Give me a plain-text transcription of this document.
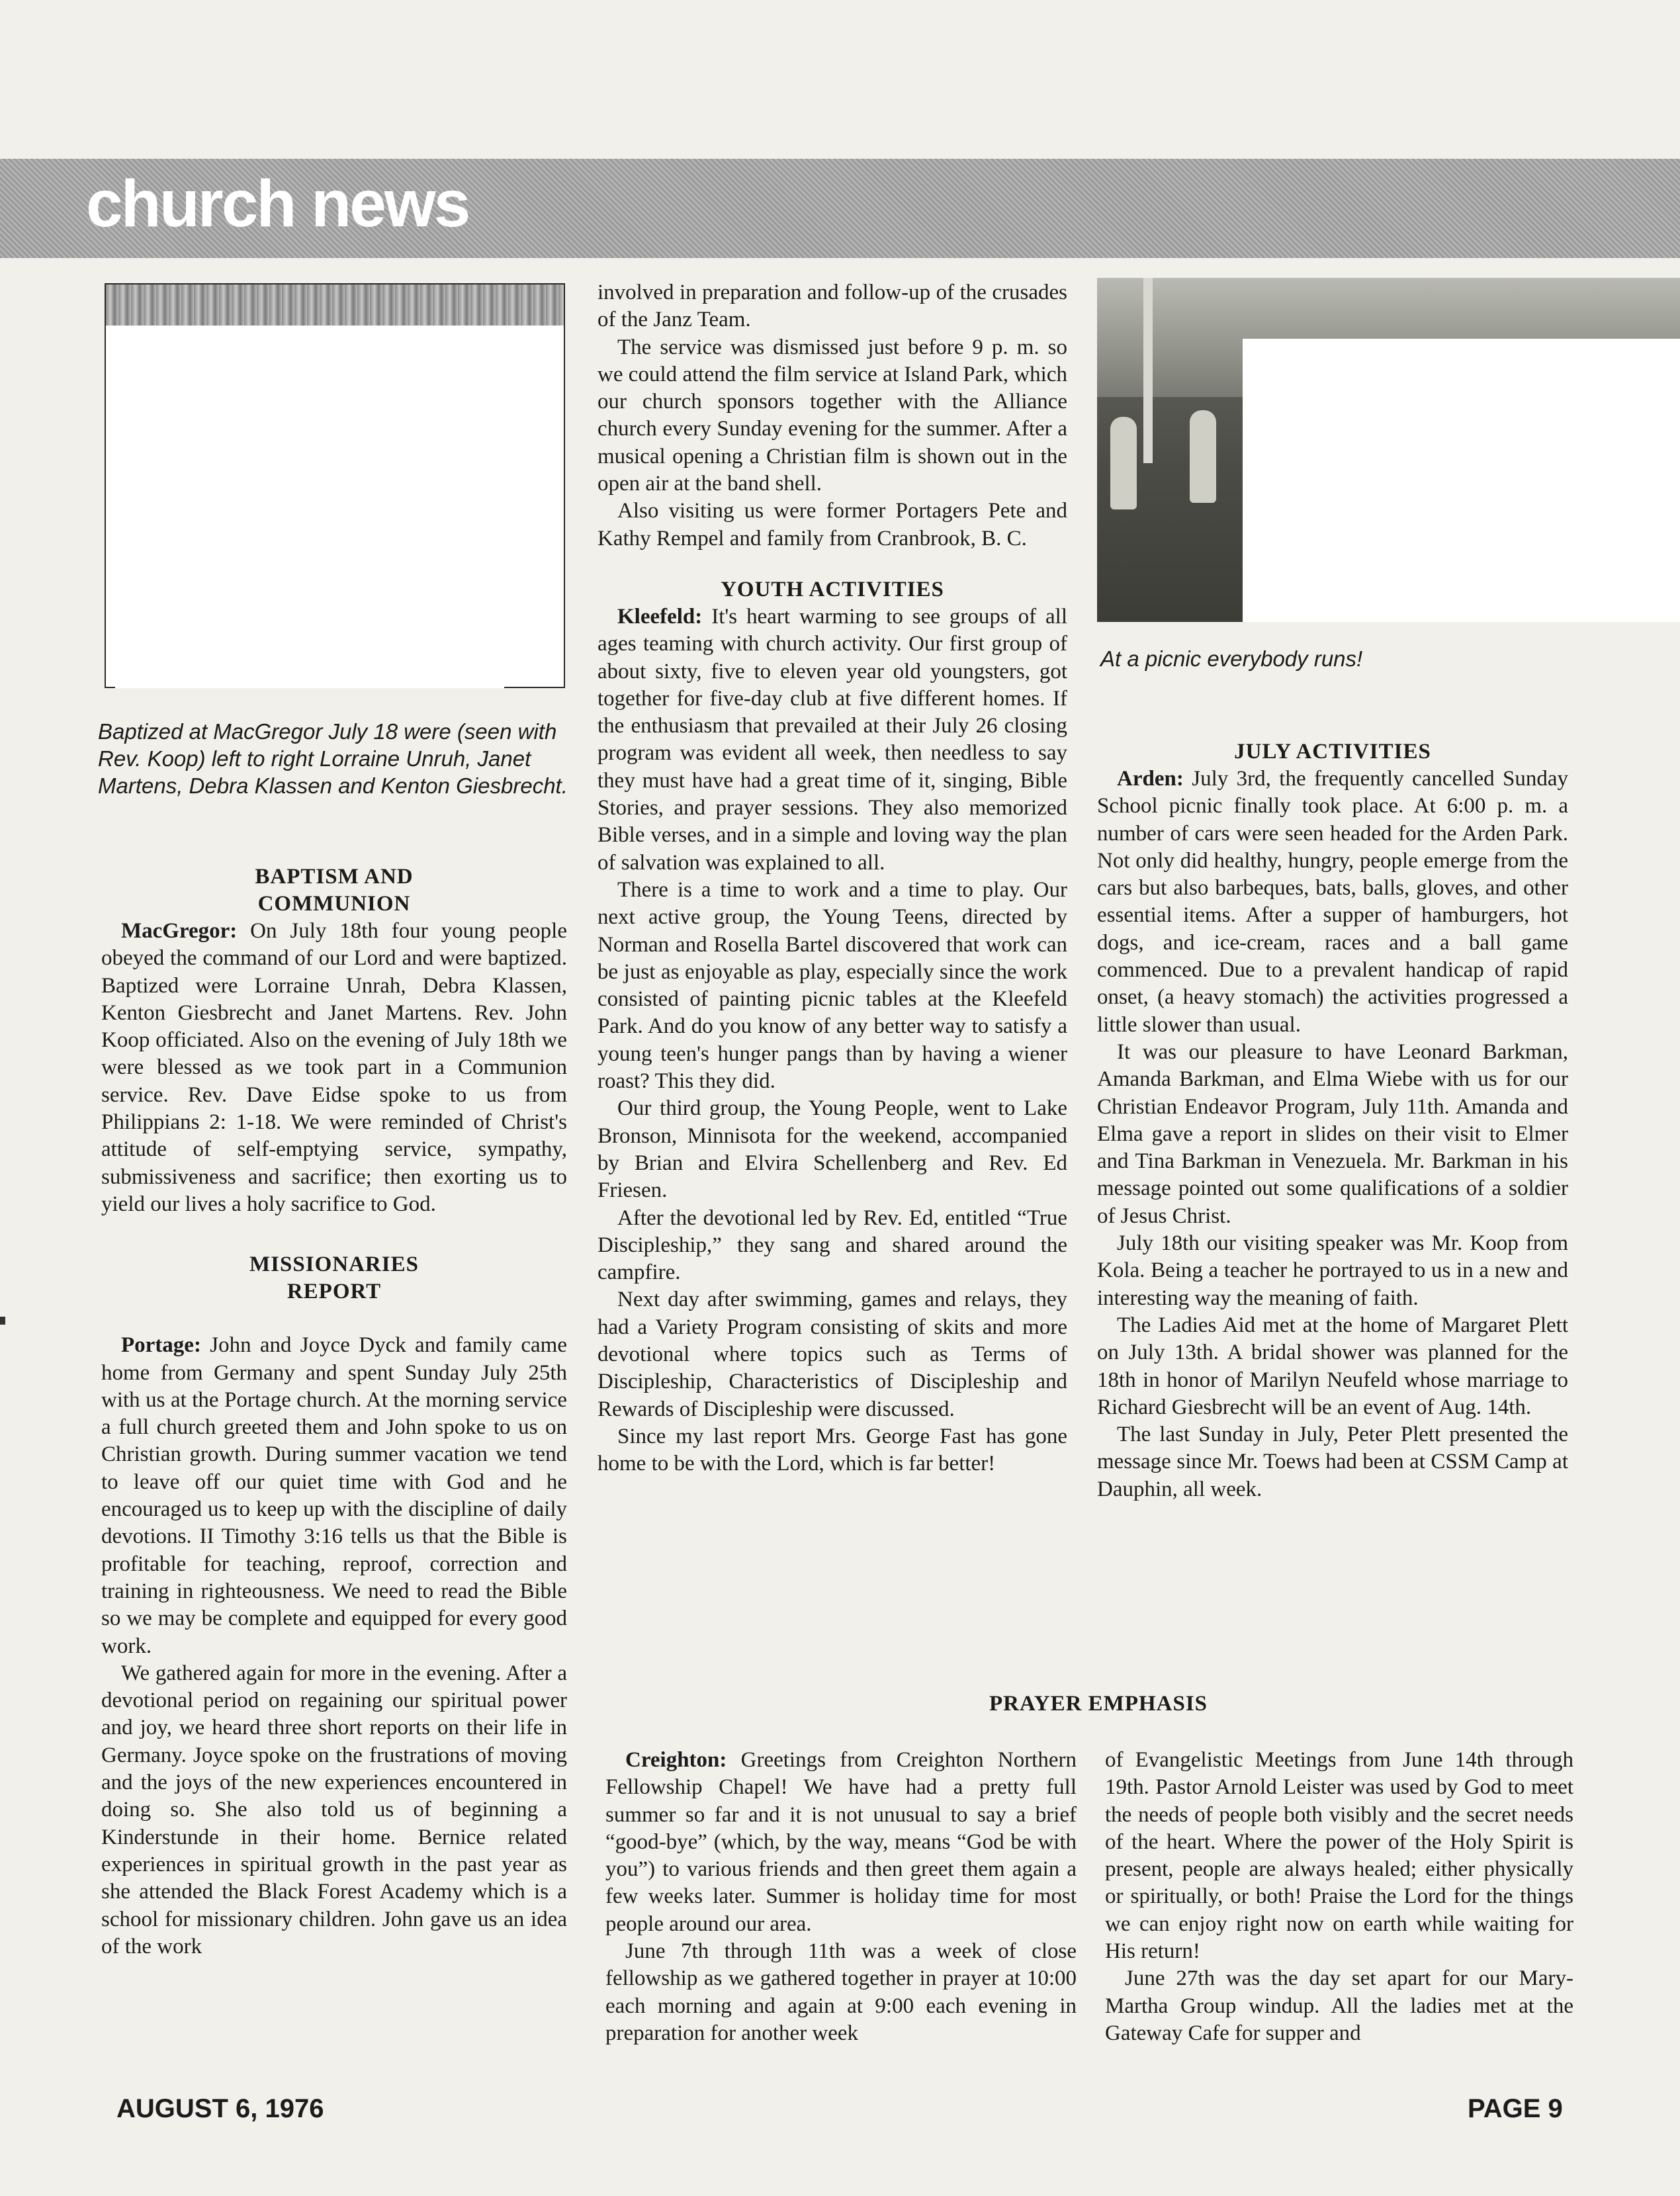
church news
Baptized at MacGregor July 18 were (seen with Rev. Koop) left to right Lorraine Unruh, Janet Martens, Debra Klassen and Kenton Giesbrecht.
BAPTISM AND COMMUNION

MacGregor: On July 18th four young people obeyed the command of our Lord and were baptized. Baptized were Lorraine Unrah, Debra Klassen, Kenton Giesbrecht and Janet Martens. Rev. John Koop officiated. Also on the evening of July 18th we were blessed as we took part in a Communion service. Rev. Dave Eidse spoke to us from Philippians 2: 1-18. We were reminded of Christ's attitude of self-emptying service, sympathy, submissiveness and sacrifice; then exorting us to yield our lives a holy sacrifice to God.

MISSIONARIES REPORT

Portage: John and Joyce Dyck and family came home from Germany and spent Sunday July 25th with us at the Portage church. At the morning service a full church greeted them and John spoke to us on Christian growth. During summer vacation we tend to leave off our quiet time with God and he encouraged us to keep up with the discipline of daily devotions. II Timothy 3:16 tells us that the Bible is profitable for teaching, reproof, correction and training in righteousness. We need to read the Bible so we may be complete and equipped for every good work.

We gathered again for more in the evening. After a devotional period on regaining our spiritual power and joy, we heard three short reports on their life in Germany. Joyce spoke on the frustrations of moving and the joys of the new experiences encountered in doing so. She also told us of beginning a Kinderstunde in their home. Bernice related experiences in spiritual growth in the past year as she attended the Black Forest Academy which is a school for missionary children. John gave us an idea of the work

involved in preparation and follow-up of the crusades of the Janz Team.

The service was dismissed just before 9 p. m. so we could attend the film service at Island Park, which our church sponsors together with the Alliance church every Sunday evening for the summer. After a musical opening a Christian film is shown out in the open air at the band shell.

Also visiting us were former Portagers Pete and Kathy Rempel and family from Cranbrook, B. C.

YOUTH ACTIVITIES

Kleefeld: It's heart warming to see groups of all ages teaming with church activity. Our first group of about sixty, five to eleven year old youngsters, got together for five-day club at five different homes. If the enthusiasm that prevailed at their July 26 closing program was evident all week, then needless to say they must have had a great time of it, singing, Bible Stories, and prayer sessions. They also memorized Bible verses, and in a simple and loving way the plan of salvation was explained to all.

There is a time to work and a time to play. Our next active group, the Young Teens, directed by Norman and Rosella Bartel discovered that work can be just as enjoyable as play, especially since the work consisted of painting picnic tables at the Kleefeld Park. And do you know of any better way to satisfy a young teen's hunger pangs than by having a wiener roast? This they did.

Our third group, the Young People, went to Lake Bronson, Minnisota for the weekend, accompanied by Brian and Elvira Schellenberg and Rev. Ed Friesen.

After the devotional led by Rev. Ed, entitled “True Discipleship,” they sang and shared around the campfire.

Next day after swimming, games and relays, they had a Variety Program consisting of skits and more devotional where topics such as Terms of Discipleship, Characteristics of Discipleship and Rewards of Discipleship were discussed.

Since my last report Mrs. George Fast has gone home to be with the Lord, which is far better!

At a picnic everybody runs!
JULY ACTIVITIES

Arden: July 3rd, the frequently cancelled Sunday School picnic finally took place. At 6:00 p. m. a number of cars were seen headed for the Arden Park. Not only did healthy, hungry, people emerge from the cars but also barbeques, bats, balls, gloves, and other essential items. After a supper of hamburgers, hot dogs, and ice-cream, races and a ball game commenced. Due to a prevalent handicap of rapid onset, (a heavy stomach) the activities progressed a little slower than usual.

It was our pleasure to have Leonard Barkman, Amanda Barkman, and Elma Wiebe with us for our Christian Endeavor Program, July 11th. Amanda and Elma gave a report in slides on their visit to Elmer and Tina Barkman in Venezuela. Mr. Barkman in his message pointed out some qualifications of a soldier of Jesus Christ.

July 18th our visiting speaker was Mr. Koop from Kola. Being a teacher he portrayed to us in a new and interesting way the meaning of faith.

The Ladies Aid met at the home of Margaret Plett on July 13th. A bridal shower was planned for the 18th in honor of Marilyn Neufeld whose marriage to Richard Giesbrecht will be an event of Aug. 14th.

The last Sunday in July, Peter Plett presented the message since Mr. Toews had been at CSSM Camp at Dauphin, all week.

PRAYER EMPHASIS

Creighton: Greetings from Creighton Northern Fellowship Chapel! We have had a pretty full summer so far and it is not unusual to say a brief “good-bye” (which, by the way, means “God be with you”) to various friends and then greet them again a few weeks later. Summer is holiday time for most people around our area.

June 7th through 11th was a week of close fellowship as we gathered together in prayer at 10:00 each morning and again at 9:00 each evening in preparation for another week

of Evangelistic Meetings from June 14th through 19th. Pastor Arnold Leister was used by God to meet the needs of people both visibly and the secret needs of the heart. Where the power of the Holy Spirit is present, people are always healed; either physically or spiritually, or both! Praise the Lord for the things we can enjoy right now on earth while waiting for His return!

June 27th was the day set apart for our Mary-Martha Group windup. All the ladies met at the Gateway Cafe for supper and

AUGUST 6, 1976	PAGE 9
